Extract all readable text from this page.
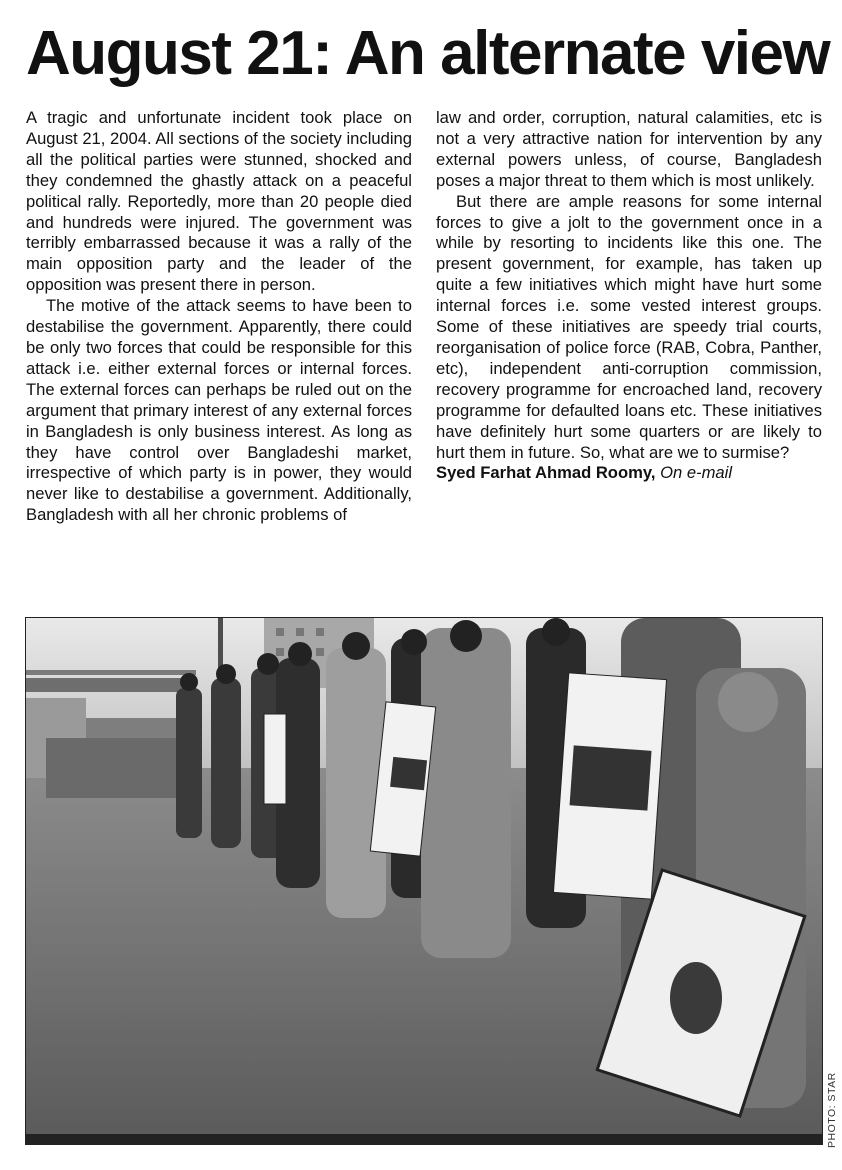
August 21: An alternate view

A tragic and unfortunate incident took place on August 21, 2004. All sections of the society including all the political parties were stunned, shocked and they condemned the ghastly attack on a peaceful political rally. Reportedly, more than 20 people died and hundreds were injured. The government was terribly embarrassed because it was a rally of the main opposition party and the leader of the opposition was present there in person.

The motive of the attack seems to have been to destabilise the government. Apparently, there could be only two forces that could be responsible for this attack i.e. either external forces or internal forces. The external forces can perhaps be ruled out on the argument that primary interest of any external forces in Bangladesh is only business interest. As long as they have control over Bangladeshi market, irrespective of which party is in power, they would never like to destabilise a government. Additionally, Bangladesh with all her chronic problems of

law and order, corruption, natural calamities, etc is not a very attractive nation for intervention by any external powers unless, of course, Bangladesh poses a major threat to them which is most unlikely.

But there are ample reasons for some internal forces to give a jolt to the government once in a while by resorting to incidents like this one. The present government, for example, has taken up quite a few initiatives which might have hurt some internal forces i.e. some vested interest groups. Some of these initiatives are speedy trial courts, reorganisation of police force (RAB, Cobra, Panther, etc), independent anti-corruption commission, recovery programme for encroached land, recovery programme for defaulted loans etc. These initiatives have definitely hurt some quarters or are likely to hurt them in future. So, what are we to surmise?

Syed Farhat Ahmad Roomy, On e-mail

PHOTO: STAR
